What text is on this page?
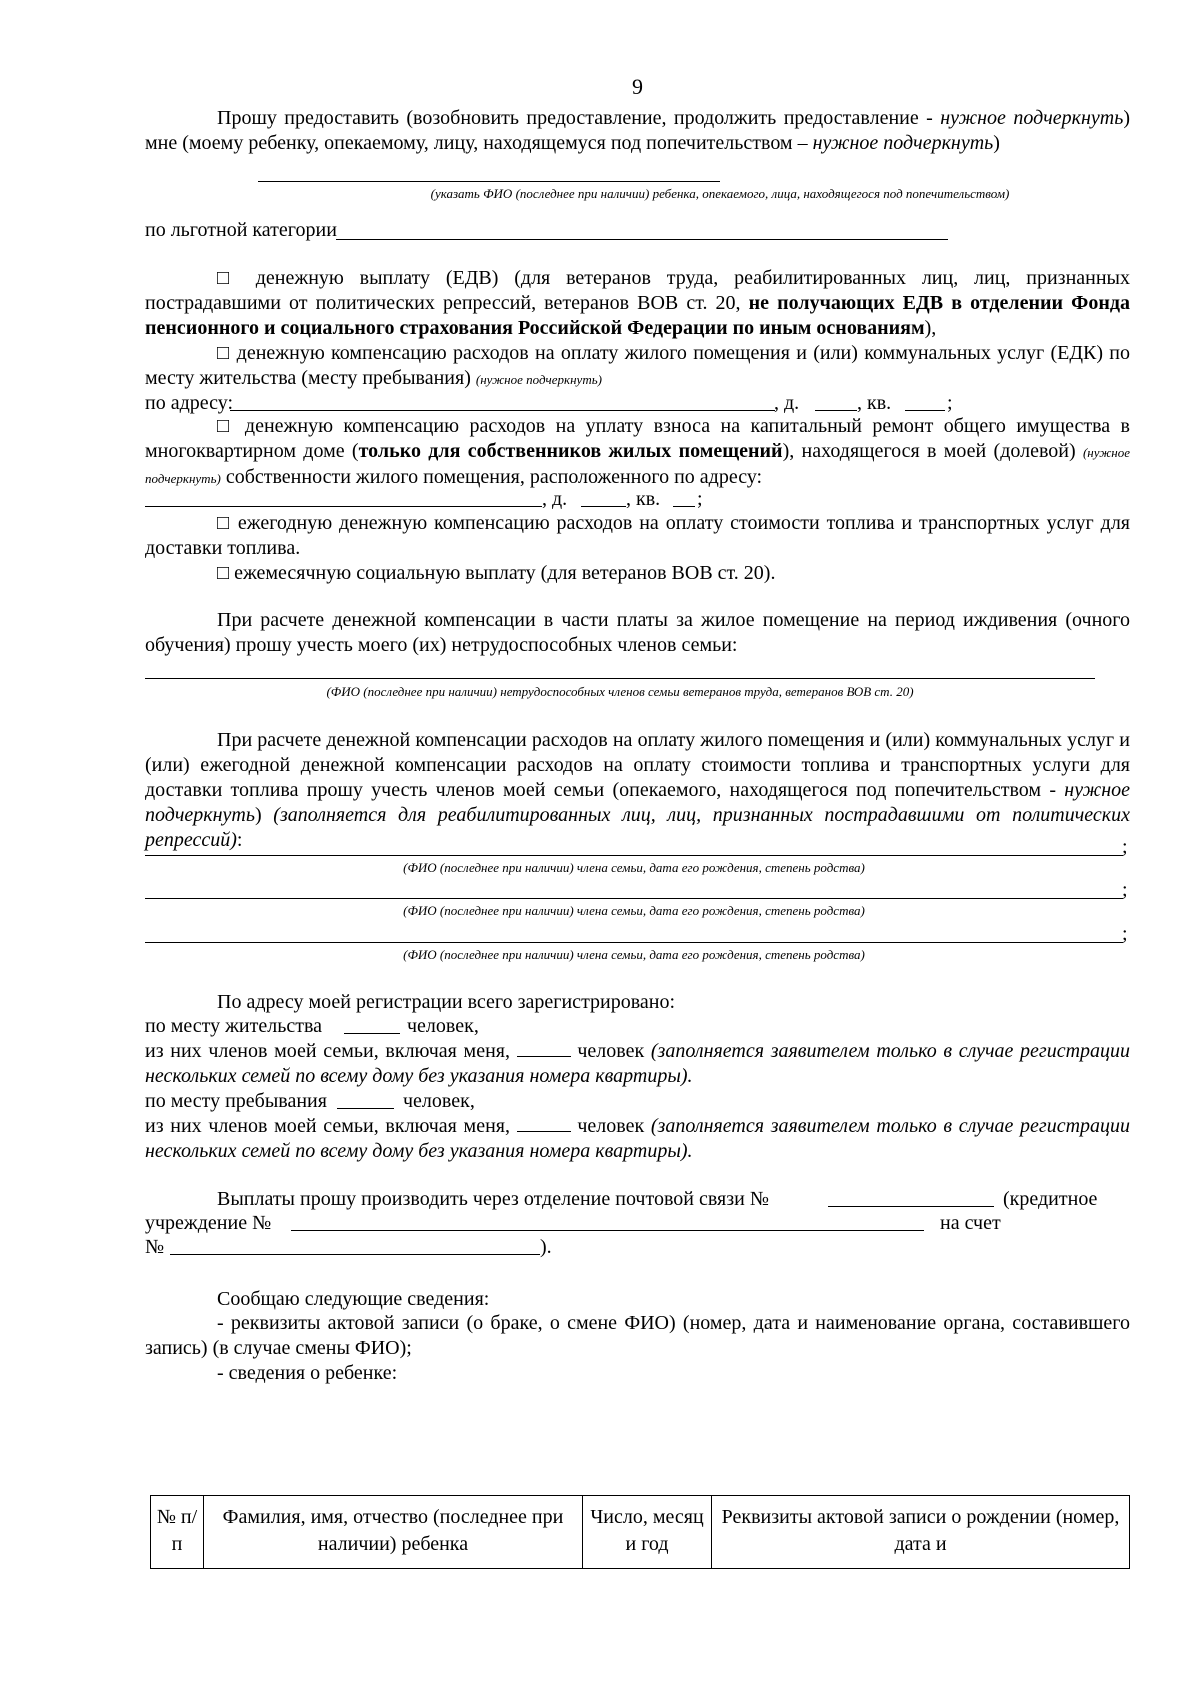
9
Прошу предоставить (возобновить предоставление, продолжить предоставление - нужное подчеркнуть) мне (моему ребенку, опекаемому, лицу, находящемуся под попечительством – нужное подчеркнуть)
(указать ФИО (последнее при наличии) ребенка, опекаемого, лица, находящегося под попечительством)
по льготной категории
□ денежную выплату (ЕДВ) (для ветеранов труда, реабилитированных лиц, лиц, признанных пострадавшими от политических репрессий, ветеранов ВОВ ст. 20, не получающих ЕДВ в отделении Фонда пенсионного и социального страхования Российской Федерации по иным основаниям),
□ денежную компенсацию расходов на оплату жилого помещения и (или) коммунальных услуг (ЕДК) по месту жительства (месту пребывания) (нужное подчеркнуть)
по адресу:	, д.	, кв.	;
□ денежную компенсацию расходов на уплату взноса на капитальный ремонт общего имущества в многоквартирном доме (только для собственников жилых помещений), находящегося в моей (долевой) (нужное подчеркнуть) собственности жилого помещения, расположенного по адресу:
, д.	, кв. ;
□ ежегодную денежную компенсацию расходов на оплату стоимости топлива и транспортных услуг для доставки топлива.
□ ежемесячную социальную выплату (для ветеранов ВОВ ст. 20).
При расчете денежной компенсации в части платы за жилое помещение на период иждивения (очного обучения) прошу учесть моего (их) нетрудоспособных членов семьи:
(ФИО (последнее при наличии) нетрудоспособных членов семьи ветеранов труда, ветеранов ВОВ ст. 20)
При расчете денежной компенсации расходов на оплату жилого помещения и (или) коммунальных услуг и (или) ежегодной денежной компенсации расходов на оплату стоимости топлива и транспортных услуги для доставки топлива прошу учесть членов моей семьи (опекаемого, находящегося под попечительством - нужное подчеркнуть) (заполняется для реабилитированных лиц, лиц, признанных пострадавшими от политических репрессий):	;
(ФИО (последнее при наличии) члена семьи, дата его рождения, степень родства)
;
(ФИО (последнее при наличии) члена семьи, дата его рождения, степень родства)
;
(ФИО (последнее при наличии) члена семьи, дата его рождения, степень родства)
По адресу моей регистрации всего зарегистрировано:
по месту жительства	человек,
из них членов моей семьи, включая меня,	человек (заполняется заявителем только в случае регистрации нескольких семей по всему дому без указания номера квартиры).
по месту пребывания	человек,
из них членов моей семьи, включая меня,	человек (заполняется заявителем только в случае регистрации нескольких семей по всему дому без указания номера квартиры).
Выплаты прошу производить через отделение почтовой связи №	(кредитное
учреждение №	на счет
№	).
Сообщаю следующие сведения:
- реквизиты актовой записи (о браке, о смене ФИО) (номер, дата и наименование органа, составившего запись) (в случае смены ФИО);
- сведения о ребенке:
№ п/п	Фамилия, имя, отчество (последнее при наличии) ребенка	Число, месяц и год	Реквизиты актовой записи о рождении (номер, дата и
